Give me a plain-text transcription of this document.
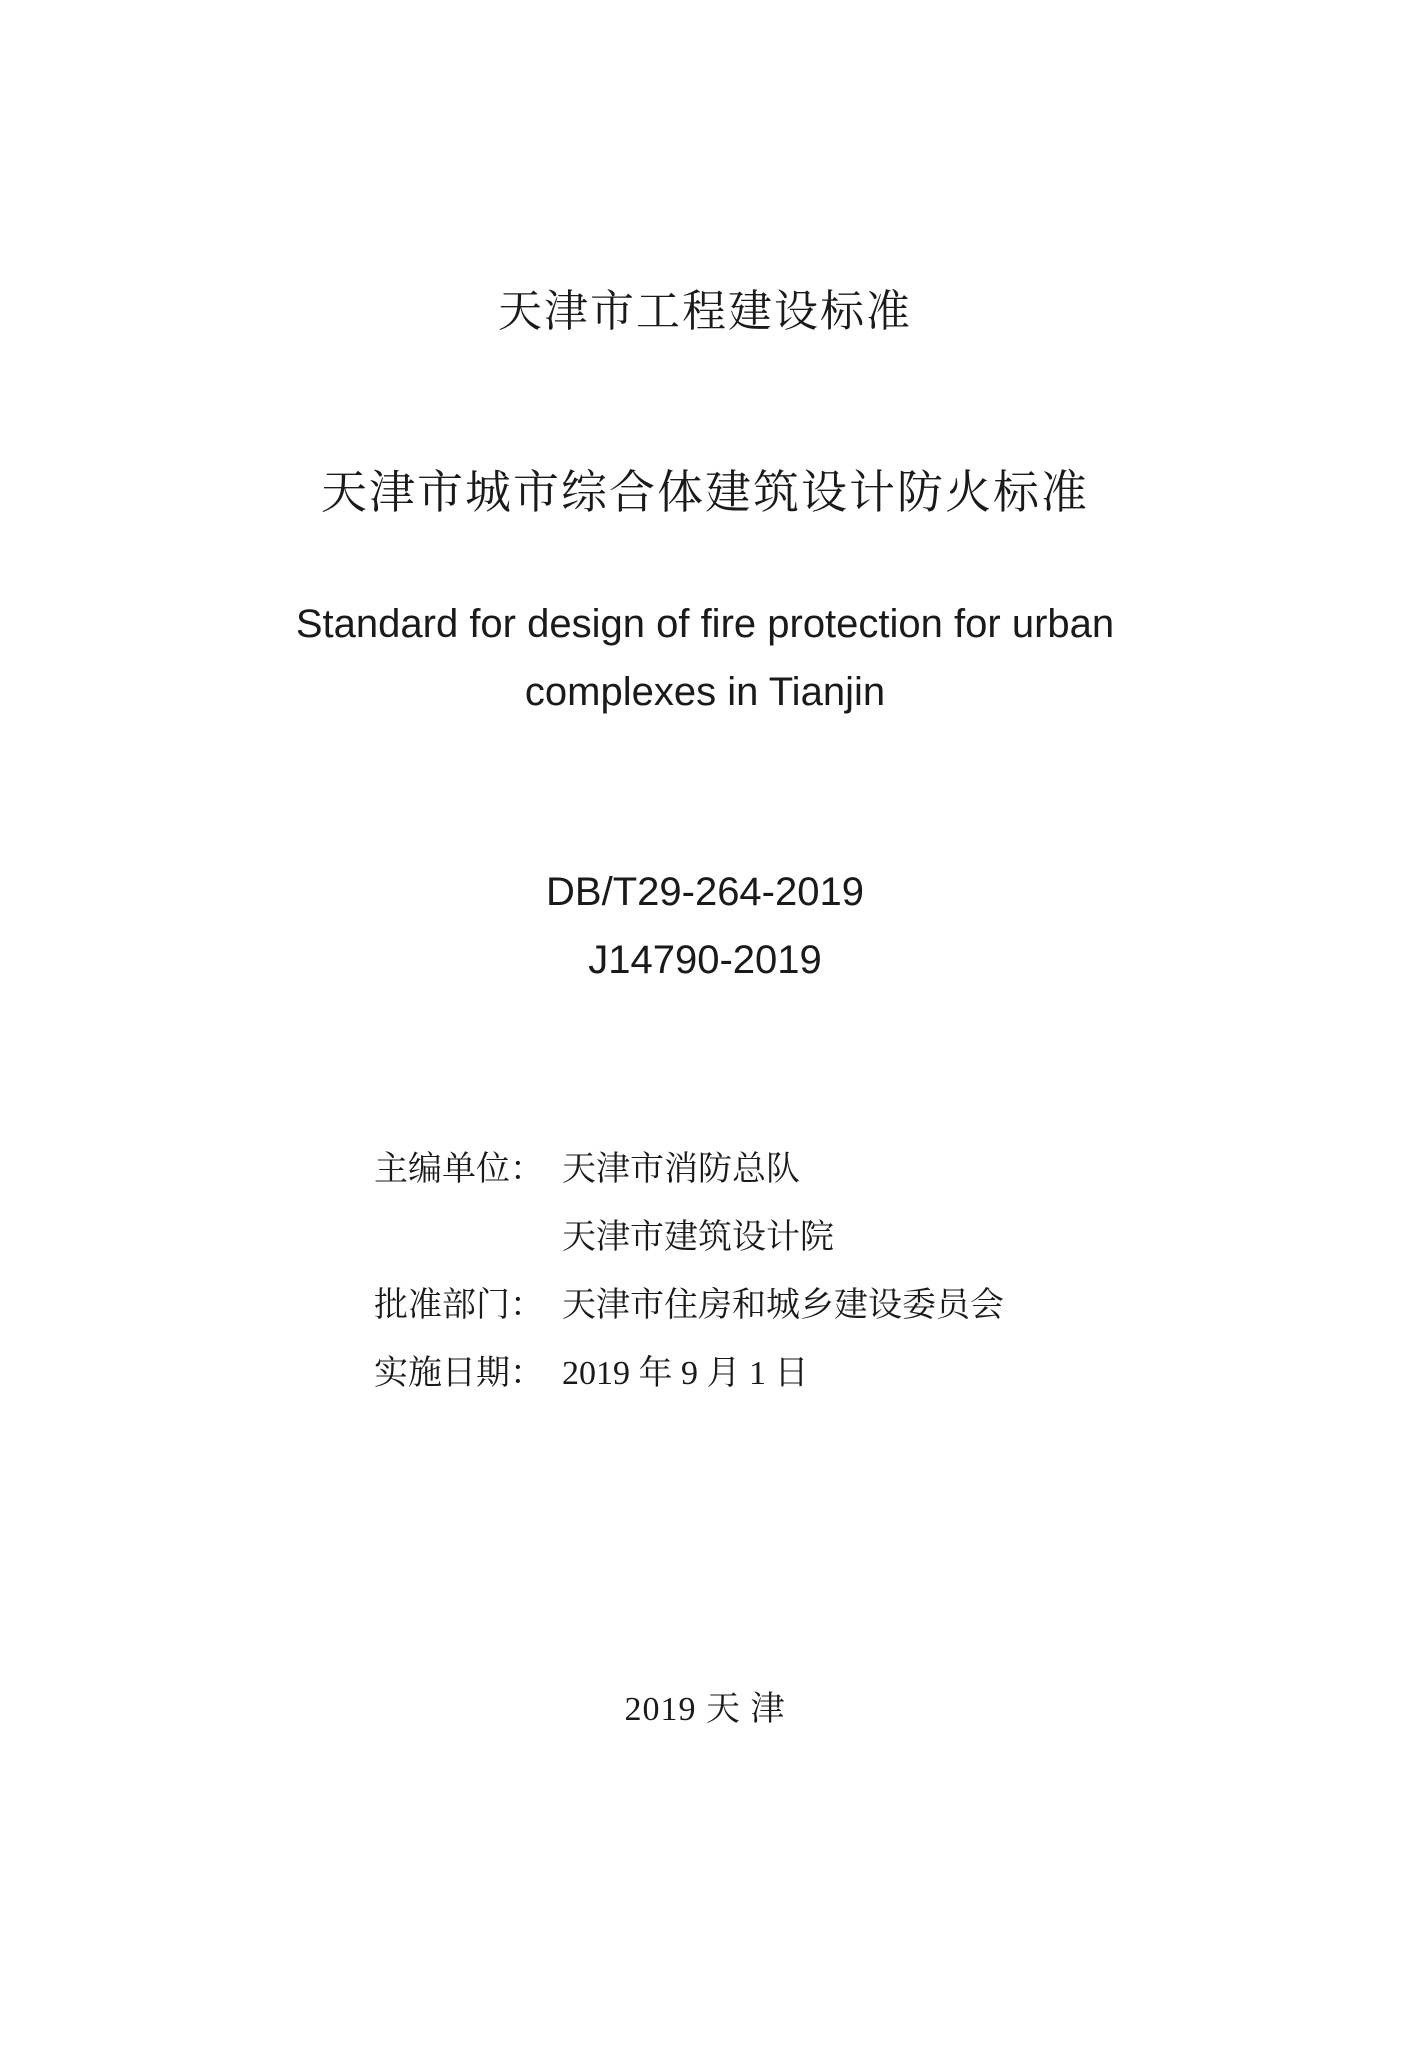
天津市工程建设标准
天津市城市综合体建筑设计防火标准
Standard for design of fire protection for urban
complexes in Tianjin
DB/T29-264-2019
J14790-2019
主编单位： 天津市消防总队
天津市建筑设计院
批准部门： 天津市住房和城乡建设委员会
实施日期： 2019 年 9 月 1 日
2019 天 津
